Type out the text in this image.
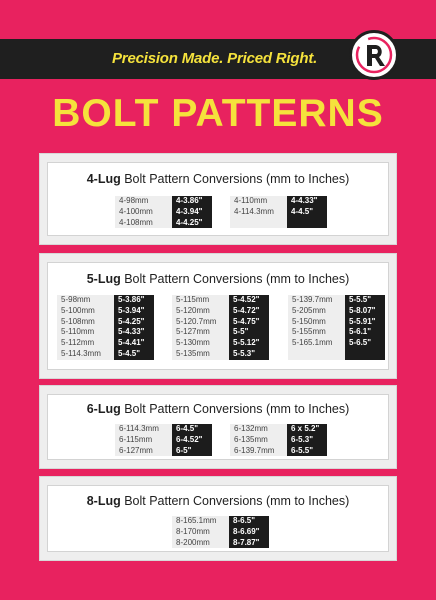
Precision Made. Priced Right.
BOLT PATTERNS
4-Lug Bolt Pattern Conversions (mm to Inches)
4-98mm
4-100mm
4-108mm
4-3.86"
4-3.94"
4-4.25"
4-110mm
4-114.3mm
4-4.33"
4-4.5"
5-Lug Bolt Pattern Conversions (mm to Inches)
5-98mm
5-100mm
5-108mm
5-110mm
5-112mm
5-114.3mm
5-3.86"
5-3.94"
5-4.25"
5-4.33"
5-4.41"
5-4.5"
5-115mm
5-120mm
5-120.7mm
5-127mm
5-130mm
5-135mm
5-4.52"
5-4.72"
5-4.75"
5-5"
5-5.12"
5-5.3"
5-139.7mm
5-205mm
5-150mm
5-155mm
5-165.1mm
5-5.5"
5-8.07"
5-5.91"
5-6.1"
5-6.5"
6-Lug Bolt Pattern Conversions (mm to Inches)
6-114.3mm
6-115mm
6-127mm
6-4.5"
6-4.52"
6-5"
6-132mm
6-135mm
6-139.7mm
6 x 5.2"
6-5.3"
6-5.5"
8-Lug Bolt Pattern Conversions (mm to Inches)
8-165.1mm
8-170mm
8-200mm
8-6.5"
8-6.69"
8-7.87"
